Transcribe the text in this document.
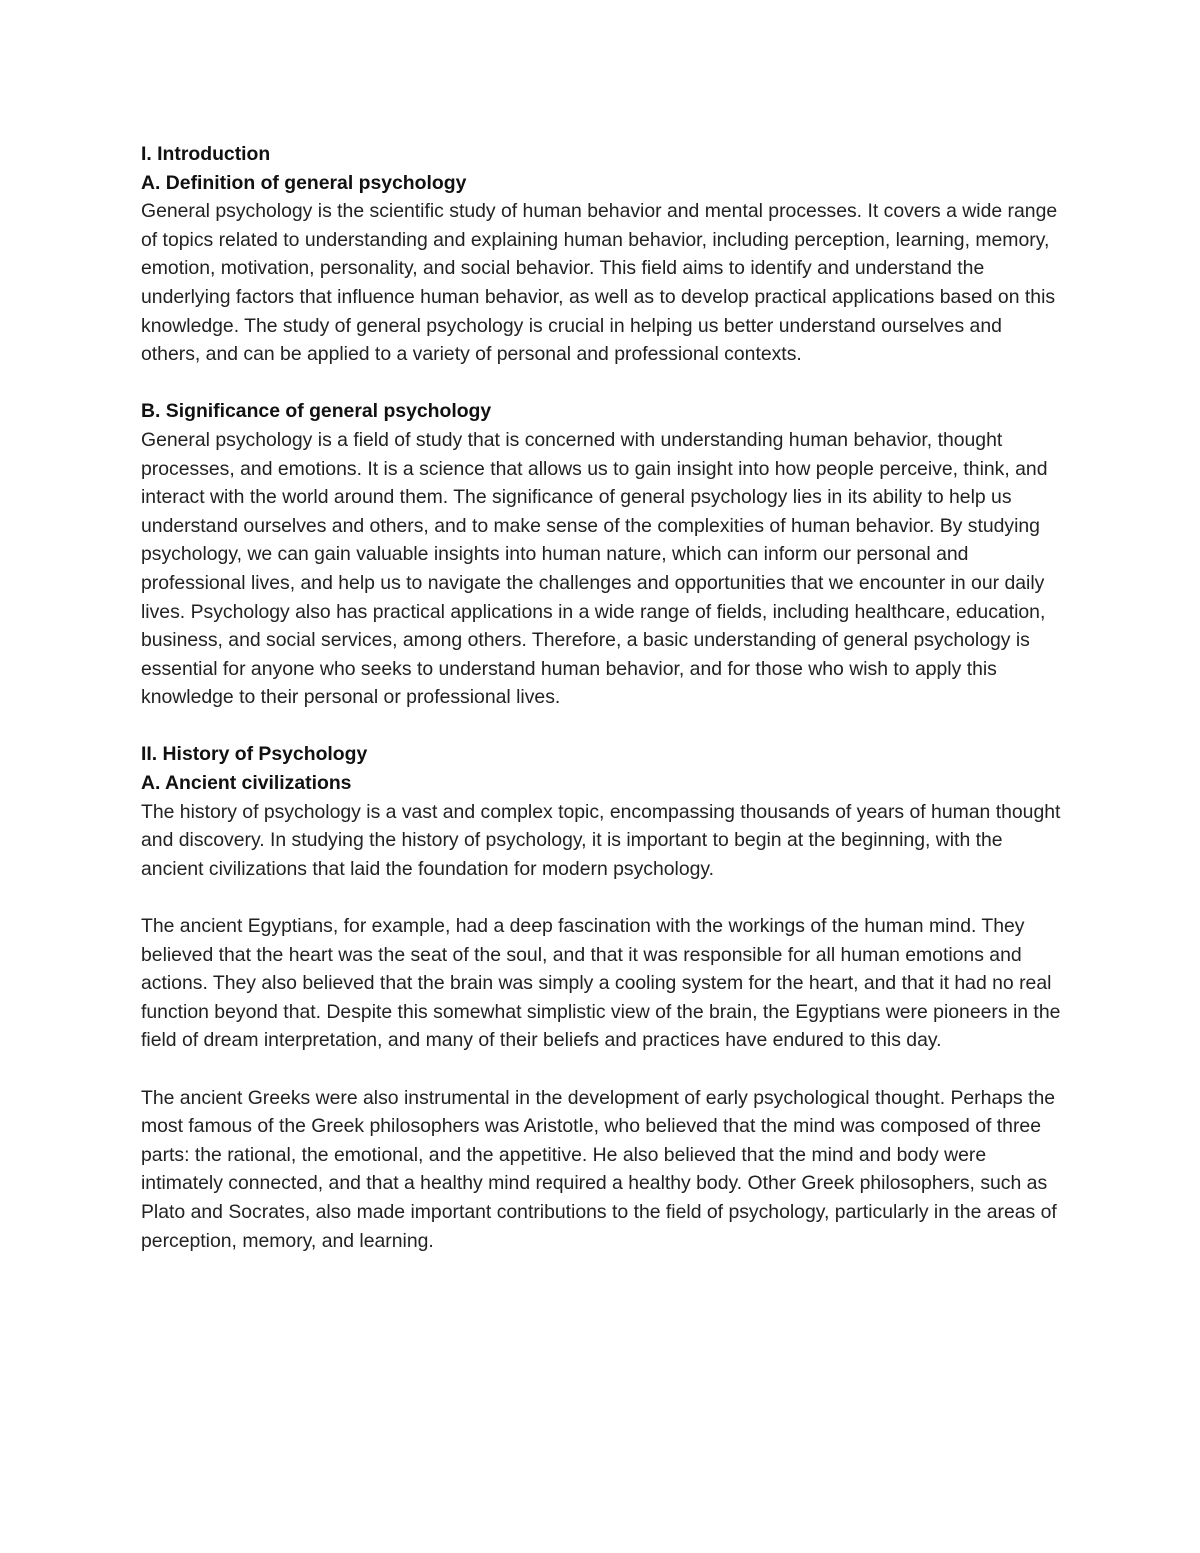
I. Introduction

A. Definition of general psychology

General psychology is the scientific study of human behavior and mental processes. It covers a wide range of topics related to understanding and explaining human behavior, including perception, learning, memory, emotion, motivation, personality, and social behavior. This field aims to identify and understand the underlying factors that influence human behavior, as well as to develop practical applications based on this knowledge. The study of general psychology is crucial in helping us better understand ourselves and others, and can be applied to a variety of personal and professional contexts.

B. Significance of general psychology

General psychology is a field of study that is concerned with understanding human behavior, thought processes, and emotions. It is a science that allows us to gain insight into how people perceive, think, and interact with the world around them. The significance of general psychology lies in its ability to help us understand ourselves and others, and to make sense of the complexities of human behavior. By studying psychology, we can gain valuable insights into human nature, which can inform our personal and professional lives, and help us to navigate the challenges and opportunities that we encounter in our daily lives. Psychology also has practical applications in a wide range of fields, including healthcare, education, business, and social services, among others. Therefore, a basic understanding of general psychology is essential for anyone who seeks to understand human behavior, and for those who wish to apply this knowledge to their personal or professional lives.

II. History of Psychology

A. Ancient civilizations

The history of psychology is a vast and complex topic, encompassing thousands of years of human thought and discovery. In studying the history of psychology, it is important to begin at the beginning, with the ancient civilizations that laid the foundation for modern psychology.

The ancient Egyptians, for example, had a deep fascination with the workings of the human mind. They believed that the heart was the seat of the soul, and that it was responsible for all human emotions and actions. They also believed that the brain was simply a cooling system for the heart, and that it had no real function beyond that. Despite this somewhat simplistic view of the brain, the Egyptians were pioneers in the field of dream interpretation, and many of their beliefs and practices have endured to this day.

The ancient Greeks were also instrumental in the development of early psychological thought. Perhaps the most famous of the Greek philosophers was Aristotle, who believed that the mind was composed of three parts: the rational, the emotional, and the appetitive. He also believed that the mind and body were intimately connected, and that a healthy mind required a healthy body. Other Greek philosophers, such as Plato and Socrates, also made important contributions to the field of psychology, particularly in the areas of perception, memory, and learning.
